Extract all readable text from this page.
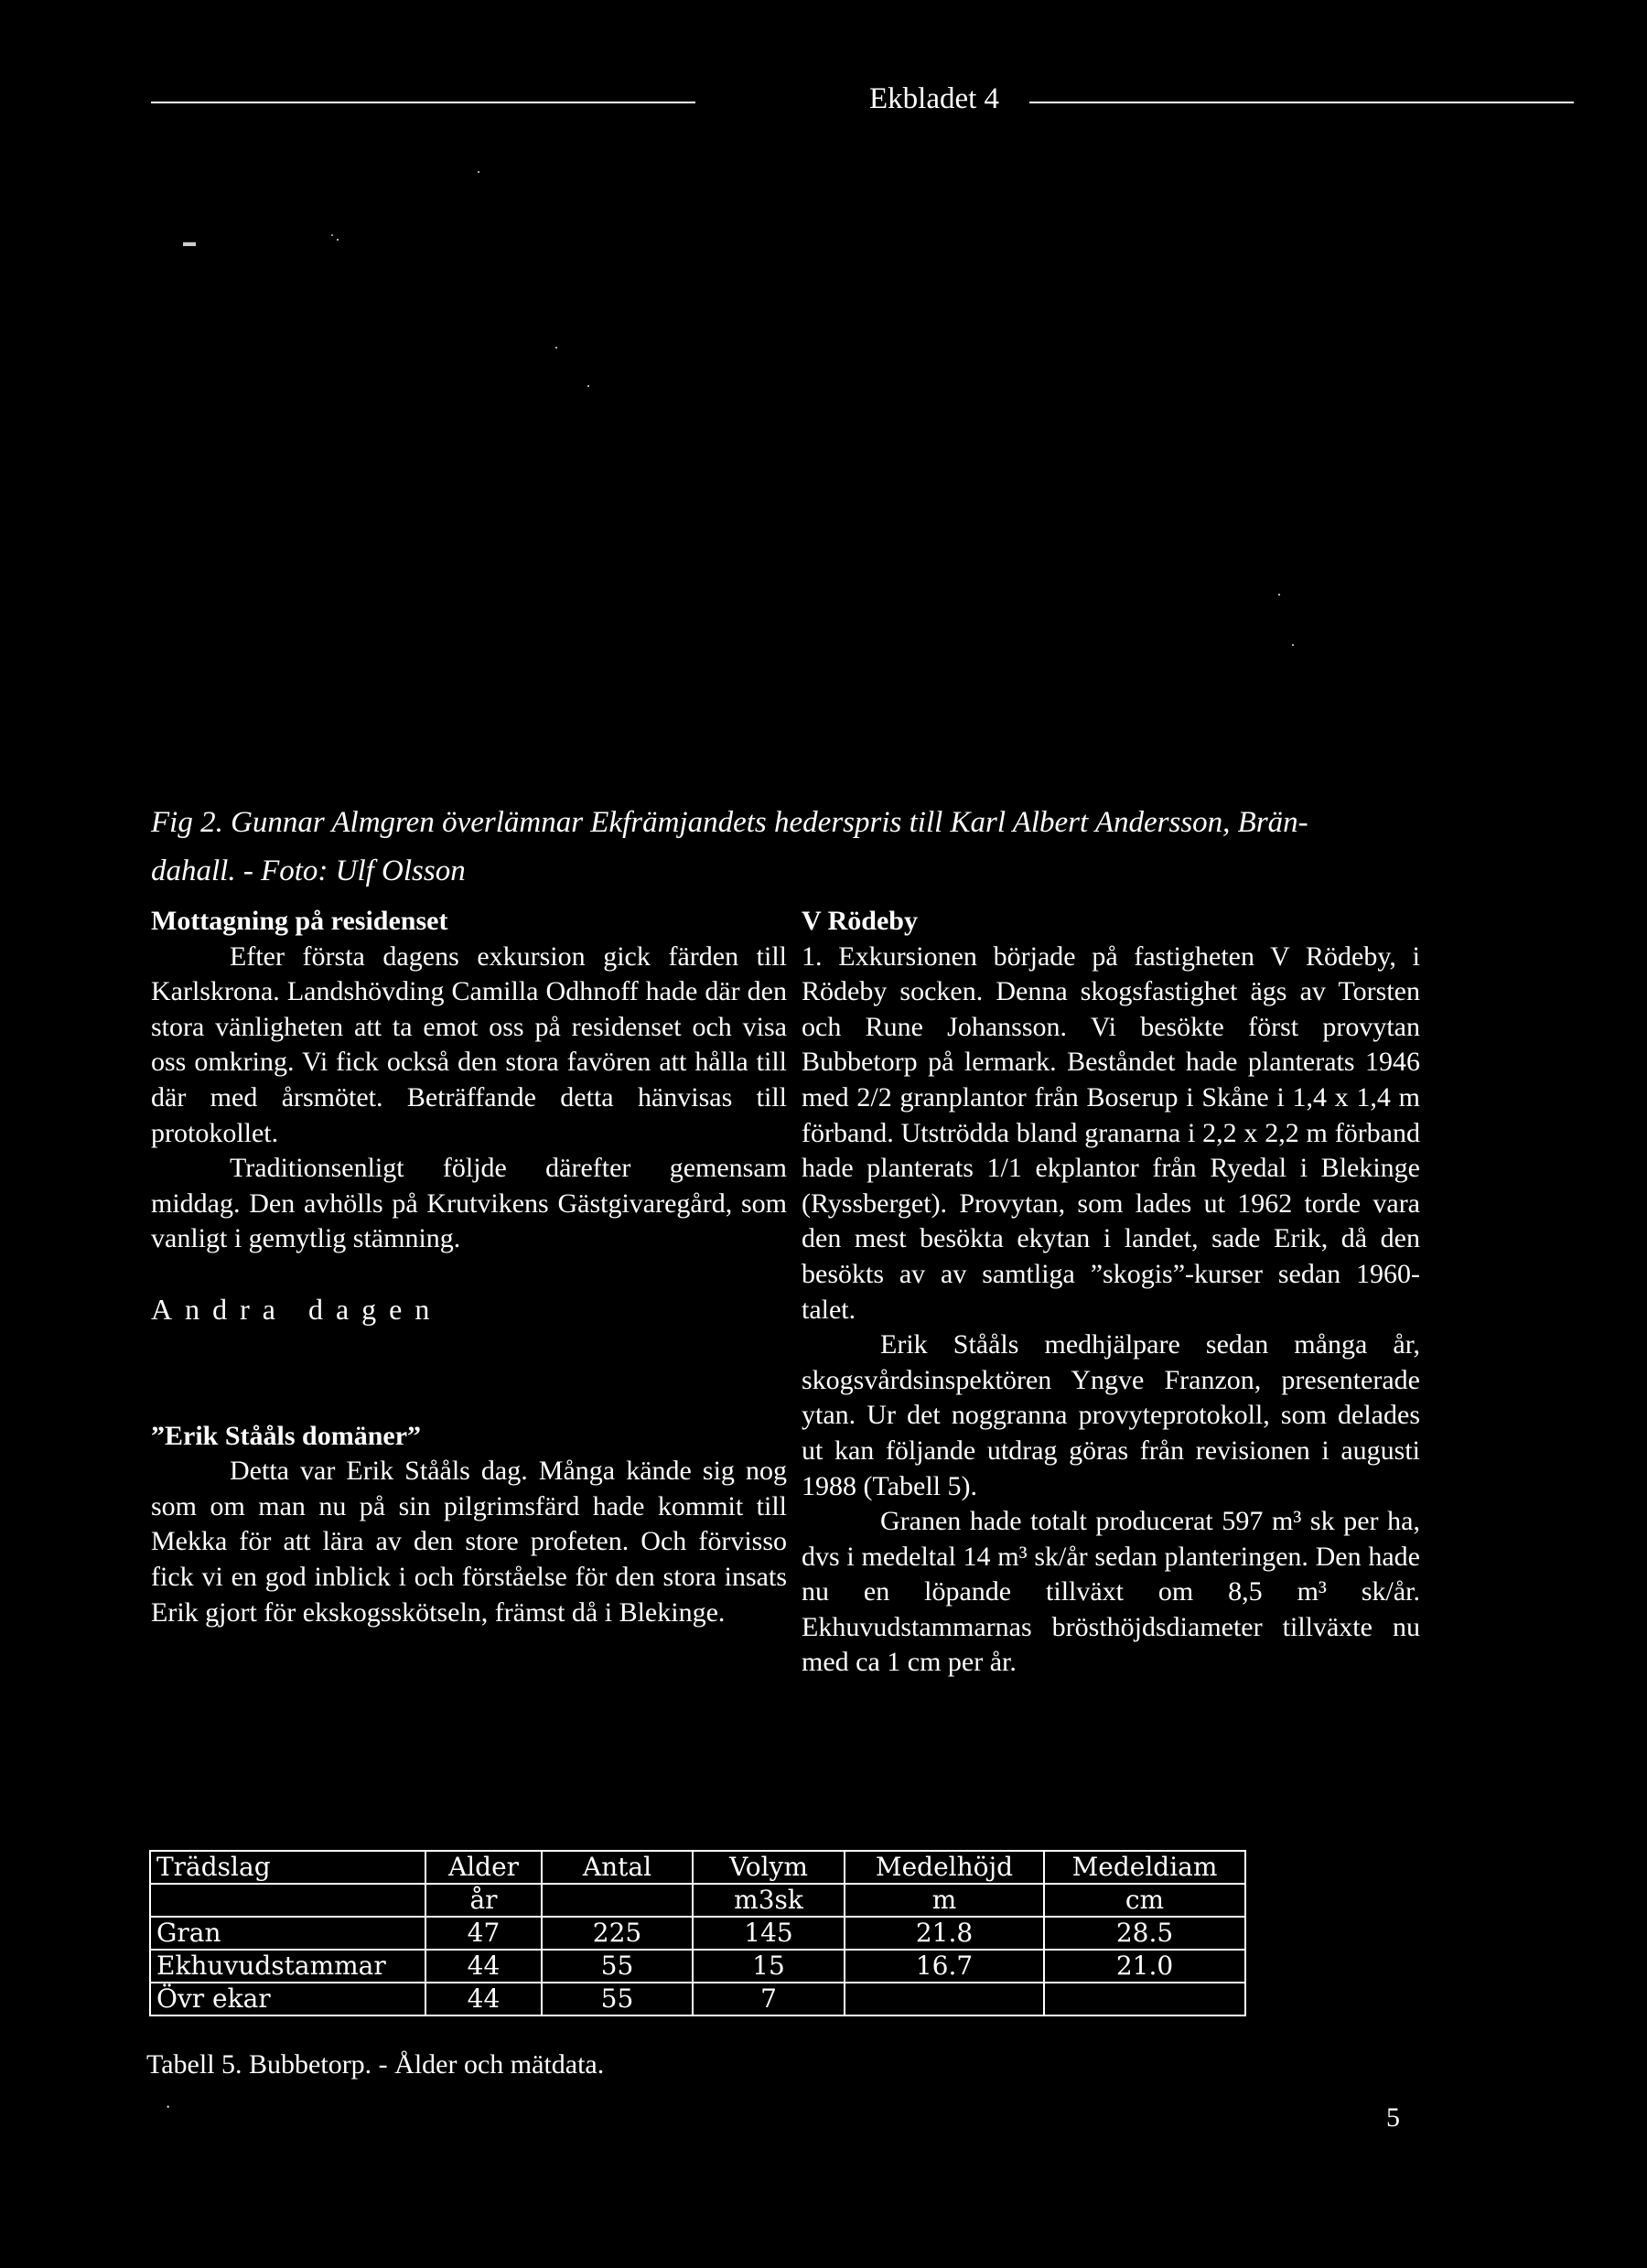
Ekbladet 4
·
▬	˙·
·
·
·
·
Fig 2. Gunnar Almgren överlämnar Ekfrämjandets hederspris till Karl Albert Andersson, Brän-
dahall. - Foto: Ulf Olsson

Mottagning på residenset

Efter första dagens exkursion gick färden till Karlskrona. Landshövding Camilla Odhnoff hade där den stora vänligheten att ta emot oss på residenset och visa oss omkring. Vi fick också den stora favören att hålla till där med årsmötet. Beträffande detta hänvisas till protokollet.

Traditionsenligt följde därefter gemensam middag. Den avhölls på Krutvikens Gästgivaregård, som vanligt i gemytlig stämning.

Andra dagen

”Erik Stååls domäner”

Detta var Erik Stååls dag. Många kände sig nog som om man nu på sin pilgrimsfärd hade kommit till Mekka för att lära av den store profeten. Och förvisso fick vi en god inblick i och förståelse för den stora insats Erik gjort för ekskogsskötseln, främst då i Blekinge.

V Rödeby

1. Exkursionen började på fastigheten V Rödeby, i Rödeby socken. Denna skogsfastighet ägs av Torsten och Rune Johansson. Vi besökte först provytan Bubbetorp på lermark. Beståndet hade planterats 1946 med 2/2 granplantor från Boserup i Skåne i 1,4 x 1,4 m förband. Utströdda bland granarna i 2,2 x 2,2 m förband hade planterats 1/1 ekplantor från Ryedal i Blekinge (Ryssberget). Provytan, som lades ut 1962 torde vara den mest besökta ekytan i landet, sade Erik, då den besökts av av samtliga ”skogis”-kurser sedan 1960-talet.

Erik Stååls medhjälpare sedan många år, skogsvårdsinspektören Yngve Franzon, presenterade ytan. Ur det noggranna provyteprotokoll, som delades ut kan följande utdrag göras från revisionen i augusti 1988 (Tabell 5).

Granen hade totalt producerat 597 m³ sk per ha, dvs i medeltal 14 m³ sk/år sedan planteringen. Den hade nu en löpande tillväxt om 8,5 m³ sk/år. Ekhuvudstammarnas brösthöjdsdiameter tillväxte nu med ca 1 cm per år.

Trädslag	Alder	Antal	Volym	Medelhöjd	Medeldiam
	år		m3sk	m	cm
Gran	47	225	145	21.8	28.5
Ekhuvudstammar	44	55	15	16.7	21.0
Övr ekar	44	55	7		
Tabell 5. Bubbetorp. - Ålder och mätdata.
·	5
